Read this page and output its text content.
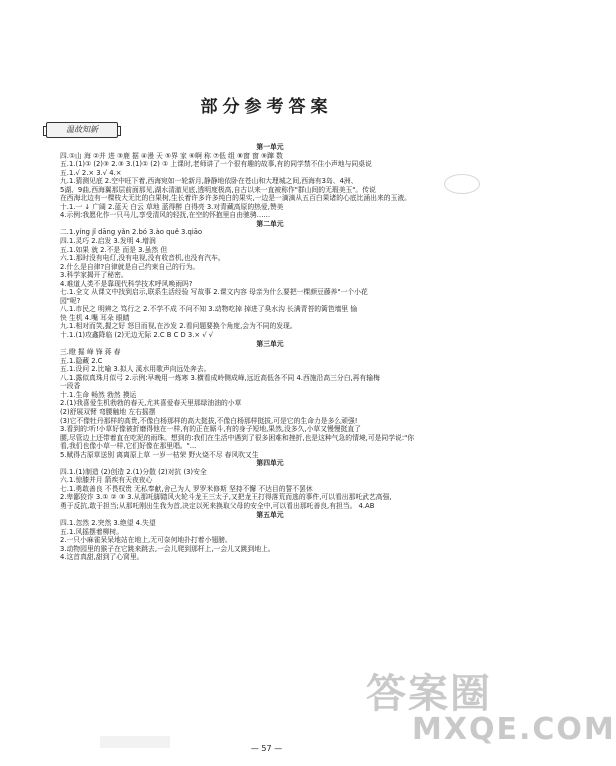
部分参考答案
温故知新
第一单元
四.①山 海 ②并 进 ③鹿 据 ④漫 天 ⑤界 家 ⑥啊 称 ⑦低 组 ⑧窗 窗 ⑨蹿 数
五.1.(1)① (2)③ 2.③ 3.(1)① (2) ① 上课时,老师讲了一个很有趣的故事,有的同学禁不住小声地与同桌说
五.1.√ 2.× 3.√ 4.×
九.1.猜测见底 2.空中旺下着,西海宛如一轮新月,静静地依卧在苍山和大理城之间,西海有3岛、4洲、
5湖、9曲,西海翼那层前面那见,湖水清澈见底,透明度极高,自古以来一直被称作"群山间的无瑕美玉"。传说
在西海北边有一棵枝大无比的白果树,生长着许多许多纯白的果实,一边是一滴滴从五百白果诸的心底比涌出来的玉液。
十.1.一 ↓ 广阔 2.蓝天 白云 草地 蓝得醉 白得亮 3.对青藏高原的热爱,赞美
4.示例:我愿化作一只马儿,享受清风的轻抚,在空的怀抱里自由驰骋……
第二单元
二.1.yíng jǐ dāng yǎn 2.bó 3.ào quě 3.qiāo
四.1.灵巧 2.启发 3.发明 4.增润
五.1.如果 就 2.不是 而是 3.虽然 但
六.1.那时没有电灯,没有电视,没有收音机,也没有汽车。
2.什么是自律?自律就是自己约束自己的行为。
3.科学家揭开了秘密。
4.难道人类不是靠现代科学技术呼风唤雨吗?
七.1.全文 从课文中找到启示,联系生活经验 写故事 2.课文内容 母亲为什么要把一棵颜豆藤养"一个小花
园"呢?
八.1.市民之 明辨之 笃行之 2.不学不成 不问不知 3.动物吃掉 掉进了臭水沟 长满青苔的篱笆墙里 愉
快 生机 4.嘴 耳朵 眼睛
九.1.相对而笑,握之好 怒目而视,在沙发 2.看问题要换个角度,会为不同的发现。
十.1.(1)攻鑫降临 (2)无边无际 2.C B C D 3.× √ √
第三单元
三.瞪 掘 峰 锋 蒋 春
五.1.隐藏 2.C
五.1.设问 2.比喻 3.拟人 溪水用歌声向远处奔去。
八.1.露似真珠月似弓 2.示例:早晚用一炼寒 3.横看成岭侧成峰,远近高低各不同 4.西施沿高三分白,再有输梅
一段香
十.1.生命 畅然 勃然 摸运
2.(1)我喜爱生机勃勃的春天,尤其喜爱春天里那绿油油的小草
(2)舒展双臂 弯腰触地 左右摇摆
(3)它不像牡丹那样的高贵,不像白杨那样的高大挺拔,不像白杨那样挺拔,可是它的生命力是多么顽强!
3.看到的:听!小草好像被折磨得他在一样,有的正在厮斗,有的身子短地,果然,没多久,小草又慢慢挺直了
腰,尽管边上还带着直在吃泥的雨珠。想到的:我们在生活中遇到了很多困难和挫折,也是这种气急的情境,可是同学说:"你
看,我们也像小草一样,它们好像在那里唱。"...
5.赋得古原草送别 离离原上草 一岁一枯荣 野火烧不尽 春风吹又生
第四单元
四.1.(1)制造 (2)创造 2.(1)分散 (2)对抗 (3)安全
六.1.惊膝并月 箭疾有天夜夜心
七.1.勇敢善良 不畏权贵 无私奉献,舍己为人 罗罗米修斯 坚持不懈 不达目的誓不罢休
2.卑鄙狡诈 3.① ② ③ 3.从那吒脚踏风火轮斗龙王三太子,又把龙王打得落荒而逃的事件,可以看出那吒武艺高强,
勇于反抗,敢于担当;从那吒刚出生我为首,决定以死来换取父母的安全中,可以看出那吒善良,有担当。 4.AB
第五单元
四.1.忽然 2.突然 3.绝望 4.失望
五.1.风摇摆着柳树。
2.一只小麻雀呆呆地站在地上,无可奈何地扑打着小翅膀。
3.动物园里的猴子在它跳来跳去,一会儿爬到那杆上,一会儿又跳到地上。
4.这首真甜,甜到了心窝里。
答案圈
MXQE.COM
— 57 —
